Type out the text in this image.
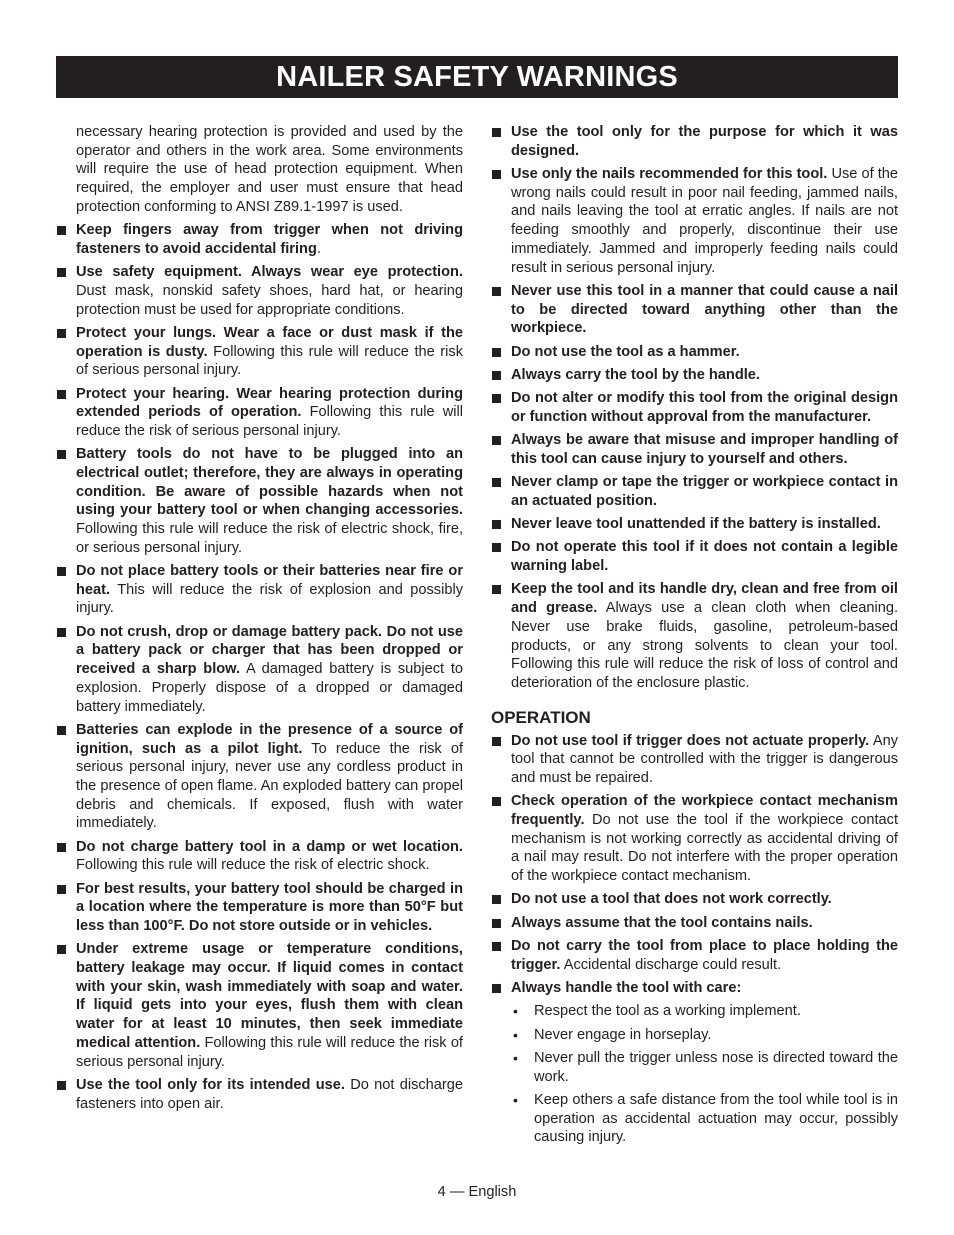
NAILER SAFETY WARNINGS

necessary hearing protection is provided and used by the operator and others in the work area. Some environments will require the use of head protection equipment. When required, the employer and user must ensure that head protection conforming to ANSI Z89.1-1997 is used.

Keep fingers away from trigger when not driving fasteners to avoid accidental firing.
Use safety equipment. Always wear eye protection. Dust mask, nonskid safety shoes, hard hat, or hearing protection must be used for appropriate conditions.
Protect your lungs. Wear a face or dust mask if the operation is dusty. Following this rule will reduce the risk of serious personal injury.
Protect your hearing. Wear hearing protection during extended periods of operation. Following this rule will reduce the risk of serious personal injury.
Battery tools do not have to be plugged into an electrical outlet; therefore, they are always in operating condition. Be aware of possible hazards when not using your battery tool or when changing accessories. Following this rule will reduce the risk of electric shock, fire, or serious personal injury.
Do not place battery tools or their batteries near fire or heat. This will reduce the risk of explosion and possibly injury.
Do not crush, drop or damage battery pack. Do not use a battery pack or charger that has been dropped or received a sharp blow. A damaged battery is subject to explosion. Properly dispose of a dropped or damaged battery immediately.
Batteries can explode in the presence of a source of ignition, such as a pilot light. To reduce the risk of serious personal injury, never use any cordless product in the presence of open flame. An exploded battery can propel debris and chemicals. If exposed, flush with water immediately.
Do not charge battery tool in a damp or wet location. Following this rule will reduce the risk of electric shock.
For best results, your battery tool should be charged in a location where the temperature is more than 50°F but less than 100°F. Do not store outside or in vehicles.
Under extreme usage or temperature conditions, battery leakage may occur. If liquid comes in contact with your skin, wash immediately with soap and water. If liquid gets into your eyes, flush them with clean water for at least 10 minutes, then seek immediate medical attention. Following this rule will reduce the risk of serious personal injury.
Use the tool only for its intended use. Do not discharge fasteners into open air.
Use the tool only for the purpose for which it was designed.
Use only the nails recommended for this tool. Use of the wrong nails could result in poor nail feeding, jammed nails, and nails leaving the tool at erratic angles. If nails are not feeding smoothly and properly, discontinue their use immediately. Jammed and improperly feeding nails could result in serious personal injury.
Never use this tool in a manner that could cause a nail to be directed toward anything other than the workpiece.
Do not use the tool as a hammer.
Always carry the tool by the handle.
Do not alter or modify this tool from the original design or function without approval from the manufacturer.
Always be aware that misuse and improper handling of this tool can cause injury to yourself and others.
Never clamp or tape the trigger or workpiece contact in an actuated position.
Never leave tool unattended if the battery is installed.
Do not operate this tool if it does not contain a legible warning label.
Keep the tool and its handle dry, clean and free from oil and grease. Always use a clean cloth when cleaning. Never use brake fluids, gasoline, petroleum-based products, or any strong solvents to clean your tool. Following this rule will reduce the risk of loss of control and deterioration of the enclosure plastic.
OPERATION
Do not use tool if trigger does not actuate properly. Any tool that cannot be controlled with the trigger is dangerous and must be repaired.
Check operation of the workpiece contact mechanism frequently. Do not use the tool if the workpiece contact mechanism is not working correctly as accidental driving of a nail may result. Do not interfere with the proper operation of the workpiece contact mechanism.
Do not use a tool that does not work correctly.
Always assume that the tool contains nails.
Do not carry the tool from place to place holding the trigger. Accidental discharge could result.
Always handle the tool with care:
• Respect the tool as a working implement.
• Never engage in horseplay.
• Never pull the trigger unless nose is directed toward the work.
• Keep others a safe distance from the tool while tool is in operation as accidental actuation may occur, possibly causing injury.
4 — English
